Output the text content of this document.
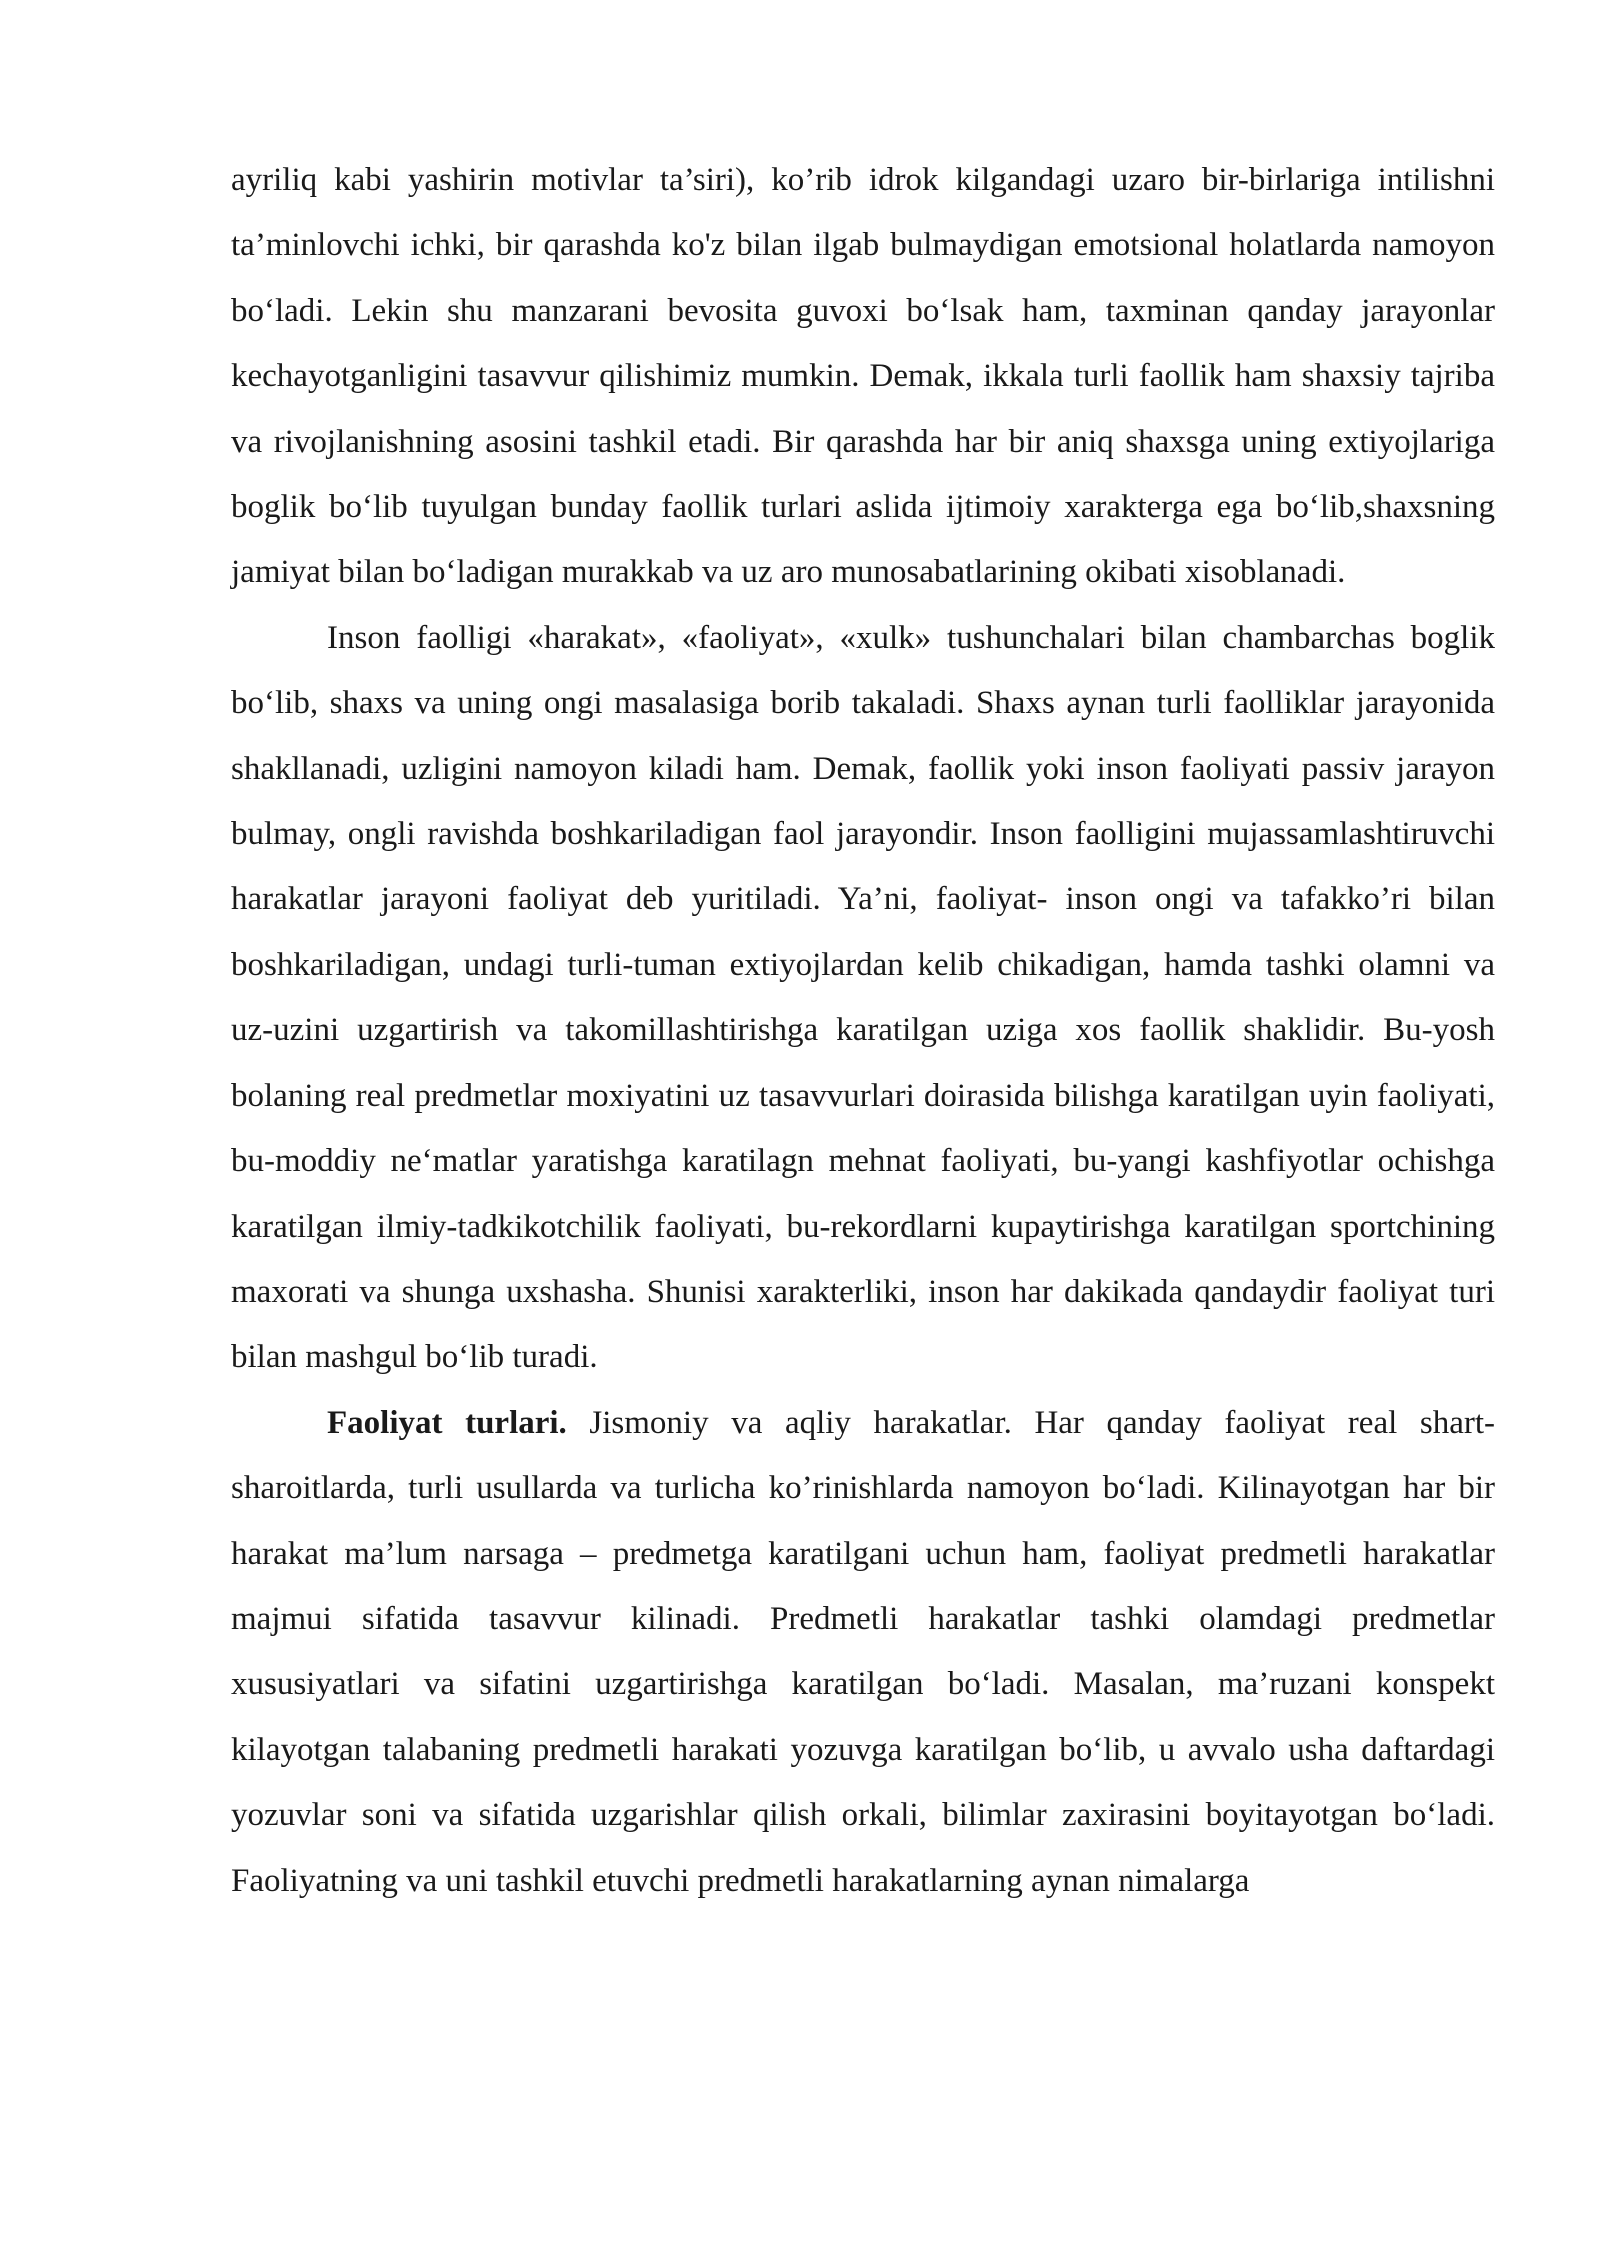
ayriliq kabi yashirin motivlar ta’siri), ko’rib idrok kilgandagi uzaro bir-birlariga intilishni ta’minlovchi ichki, bir qarashda ko'z bilan ilgab bulmaydigan emotsional holatlarda namoyon bo‘ladi. Lekin shu manzarani bevosita guvoxi bo‘lsak ham, taxminan qanday jarayonlar kechayotganligini tasavvur qilishimiz mumkin. Demak, ikkala turli faollik ham shaxsiy tajriba va rivojlanishning asosini tashkil etadi. Bir qarashda har bir aniq shaxsga uning extiyojlariga boglik bo‘lib tuyulgan bunday faollik turlari aslida ijtimoiy xarakterga ega bo‘lib,shaxsning jamiyat bilan bo‘ladigan murakkab va uz aro munosabatlarining okibati xisoblanadi.

Inson faolligi «harakat», «faoliyat», «xulk» tushunchalari bilan chambarchas boglik bo‘lib, shaxs va uning ongi masalasiga borib takaladi. Shaxs aynan turli faolliklar jarayonida shakllanadi, uzligini namoyon kiladi ham. Demak, faollik yoki inson faoliyati passiv jarayon bulmay, ongli ravishda boshkariladigan faol jarayondir. Inson faolligini mujassamlashtiruvchi harakatlar jarayoni faoliyat deb yuritiladi. Ya’ni, faoliyat- inson ongi va tafakko’ri bilan boshkariladigan, undagi turli-tuman extiyojlardan kelib chikadigan, hamda tashki olamni va uz-uzini uzgartirish va takomillashtirishga karatilgan uziga xos faollik shaklidir. Bu-yosh bolaning real predmetlar moxiyatini uz tasavvurlari doirasida bilishga karatilgan uyin faoliyati, bu-moddiy ne‘matlar yaratishga karatilagn mehnat faoliyati, bu-yangi kashfiyotlar ochishga karatilgan ilmiy-tadkikotchilik faoliyati, bu-rekordlarni kupaytirishga karatilgan sportchining maxorati va shunga uxshasha. Shunisi xarakterliki, inson har dakikada qandaydir faoliyat turi bilan mashgul bo‘lib turadi.

Faoliyat turlari. Jismoniy va aqliy harakatlar. Har qanday faoliyat real shart-sharoitlarda, turli usullarda va turlicha ko’rinishlarda namoyon bo‘ladi. Kilinayotgan har bir harakat ma’lum narsaga – predmetga karatilgani uchun ham, faoliyat predmetli harakatlar majmui sifatida tasavvur kilinadi. Predmetli harakatlar tashki olamdagi predmetlar xususiyatlari va sifatini uzgartirishga karatilgan bo‘ladi. Masalan, ma’ruzani konspekt kilayotgan talabaning predmetli harakati yozuvga karatilgan bo‘lib, u avvalo usha daftardagi yozuvlar soni va sifatida uzgarishlar qilish orkali, bilimlar zaxirasini boyitayotgan bo‘ladi. Faoliyatning va uni tashkil etuvchi predmetli harakatlarning aynan nimalarga
